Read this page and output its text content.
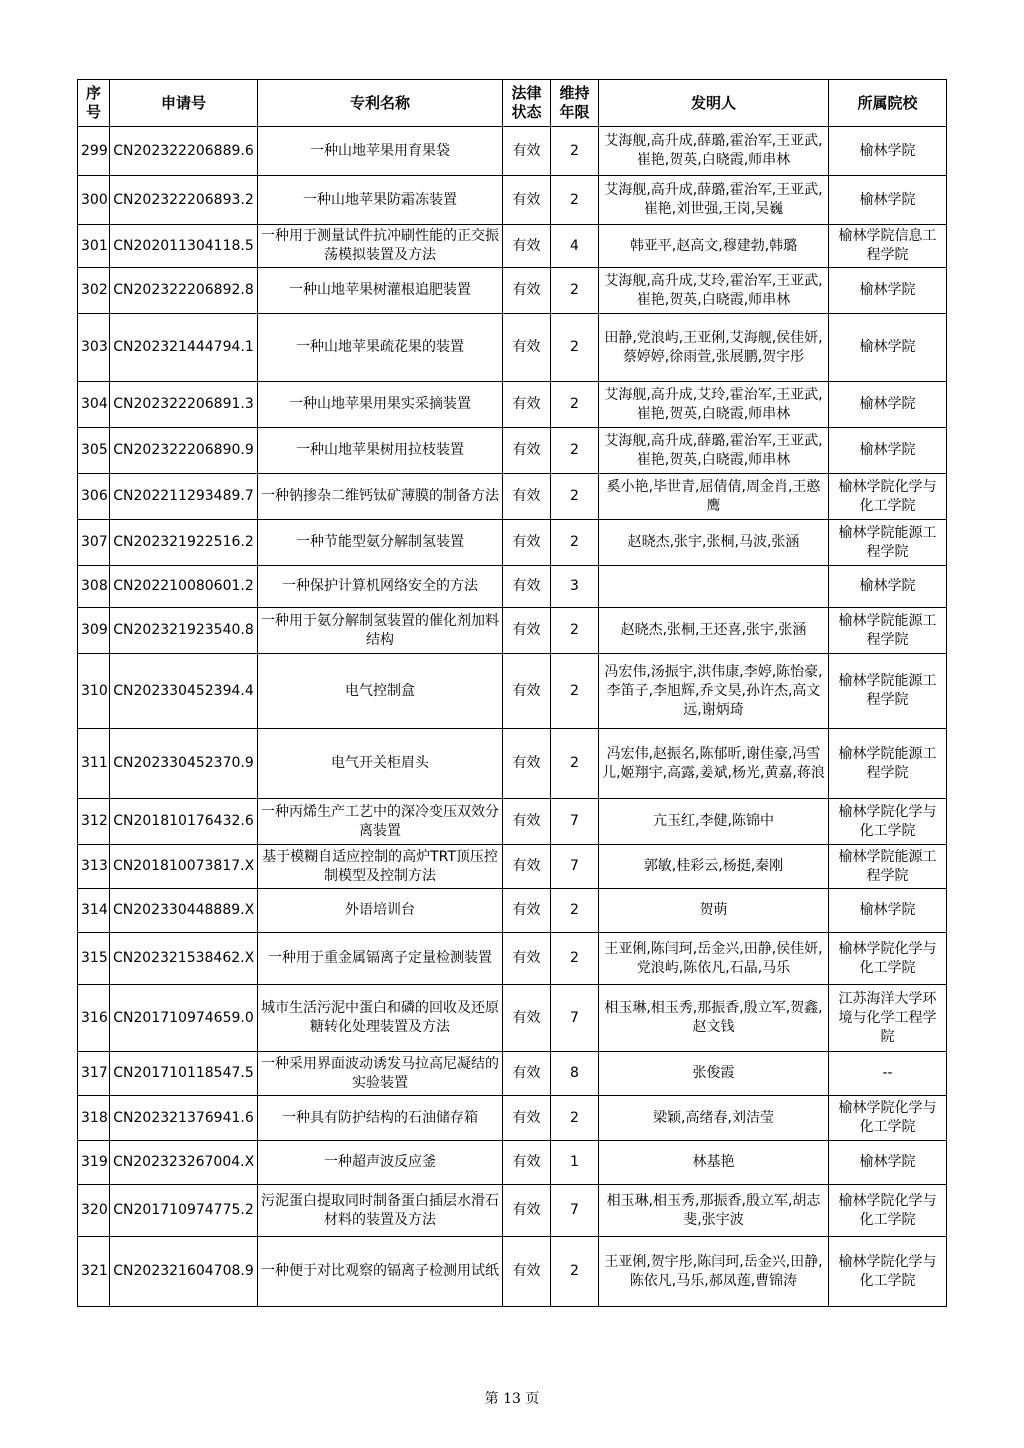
序号	申请号	专利名称	法律状态	维持年限	发明人	所属院校
299	CN202322206889.6	一种山地苹果用育果袋	有效	2	艾海舰,高升成,薛璐,霍治军,王亚武,崔艳,贺英,白晓霞,师串林	榆林学院
300	CN202322206893.2	一种山地苹果防霜冻装置	有效	2	艾海舰,高升成,薛璐,霍治军,王亚武,崔艳,刘世强,王岗,吴巍	榆林学院
301	CN202011304118.5	一种用于测量试件抗冲刷性能的正交振荡模拟装置及方法	有效	4	韩亚平,赵高文,穆建勃,韩璐	榆林学院信息工程学院
302	CN202322206892.8	一种山地苹果树灌根追肥装置	有效	2	艾海舰,高升成,艾玲,霍治军,王亚武,崔艳,贺英,白晓霞,师串林	榆林学院
303	CN202321444794.1	一种山地苹果疏花果的装置	有效	2	田静,党浪屿,王亚俐,艾海舰,侯佳妍,蔡婷婷,徐雨萱,张展鹏,贺宇彤	榆林学院
304	CN202322206891.3	一种山地苹果用果实采摘装置	有效	2	艾海舰,高升成,艾玲,霍治军,王亚武,崔艳,贺英,白晓霞,师串林	榆林学院
305	CN202322206890.9	一种山地苹果树用拉枝装置	有效	2	艾海舰,高升成,薛璐,霍治军,王亚武,崔艳,贺英,白晓霞,师串林	榆林学院
306	CN202211293489.7	一种钠掺杂二维钙钛矿薄膜的制备方法	有效	2	奚小艳,毕世青,屈倩倩,周金肖,王憨鹰	榆林学院化学与化工学院
307	CN202321922516.2	一种节能型氨分解制氢装置	有效	2	赵晓杰,张宇,张桐,马波,张涵	榆林学院能源工程学院
308	CN202210080601.2	一种保护计算机网络安全的方法	有效	3		榆林学院
309	CN202321923540.8	一种用于氨分解制氢装置的催化剂加料结构	有效	2	赵晓杰,张桐,王还喜,张宇,张涵	榆林学院能源工程学院
310	CN202330452394.4	电气控制盒	有效	2	冯宏伟,汤振宇,洪伟康,李婷,陈怡豪,李笛子,李旭辉,乔文昊,孙许杰,高文远,谢炳琦	榆林学院能源工程学院
311	CN202330452370.9	电气开关柜眉头	有效	2	冯宏伟,赵振名,陈郁昕,谢佳豪,冯雪儿,姬翔宇,高露,姜斌,杨光,黄嘉,蒋浪	榆林学院能源工程学院
312	CN201810176432.6	一种丙烯生产工艺中的深冷变压双效分离装置	有效	7	亢玉红,李健,陈锦中	榆林学院化学与化工学院
313	CN201810073817.X	基于模糊自适应控制的高炉TRT顶压控制模型及控制方法	有效	7	郭敏,桂彩云,杨挺,秦刚	榆林学院能源工程学院
314	CN202330448889.X	外语培训台	有效	2	贺萌	榆林学院
315	CN202321538462.X	一种用于重金属镉离子定量检测装置	有效	2	王亚俐,陈闫珂,岳金兴,田静,侯佳妍,党浪屿,陈依凡,石晶,马乐	榆林学院化学与化工学院
316	CN201710974659.0	城市生活污泥中蛋白和磷的回收及还原糖转化处理装置及方法	有效	7	相玉琳,相玉秀,那振香,殷立军,贺鑫,赵文钱	江苏海洋大学环境与化学工程学院
317	CN201710118547.5	一种采用界面波动诱发马拉高尼凝结的实验装置	有效	8	张俊霞	--
318	CN202321376941.6	一种具有防护结构的石油储存箱	有效	2	梁颖,高绪春,刘洁莹	榆林学院化学与化工学院
319	CN202323267004.X	一种超声波反应釜	有效	1	林基艳	榆林学院
320	CN201710974775.2	污泥蛋白提取同时制备蛋白插层水滑石材料的装置及方法	有效	7	相玉琳,相玉秀,那振香,殷立军,胡志斐,张宇波	榆林学院化学与化工学院
321	CN202321604708.9	一种便于对比观察的镉离子检测用试纸	有效	2	王亚俐,贺宇彤,陈闫珂,岳金兴,田静,陈依凡,马乐,郝凤莲,曹锦涛	榆林学院化学与化工学院
第 13 页
